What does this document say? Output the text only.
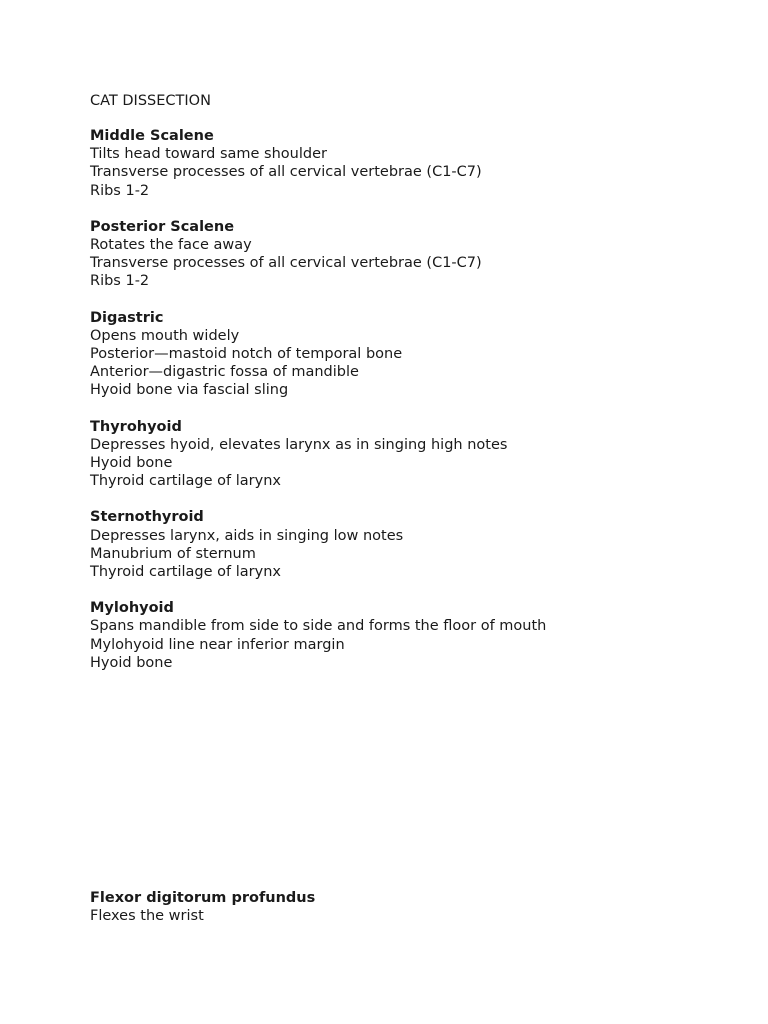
CAT DISSECTION
Middle Scalene
Tilts head toward same shoulder
Transverse processes of all cervical vertebrae (C1-C7)
Ribs 1-2
Posterior Scalene
Rotates the face away
Transverse processes of all cervical vertebrae (C1-C7)
Ribs 1-2
Digastric
Opens mouth widely
Posterior—mastoid notch of temporal bone
Anterior—digastric fossa of mandible
Hyoid bone via fascial sling
Thyrohyoid
Depresses hyoid, elevates larynx as in singing high notes
Hyoid bone
Thyroid cartilage of larynx
Sternothyroid
Depresses larynx, aids in singing low notes
Manubrium of sternum
Thyroid cartilage of larynx
Mylohyoid
Spans mandible from side to side and forms the floor of mouth
Mylohyoid line near inferior margin
Hyoid bone
Flexor digitorum profundus
Flexes the wrist
